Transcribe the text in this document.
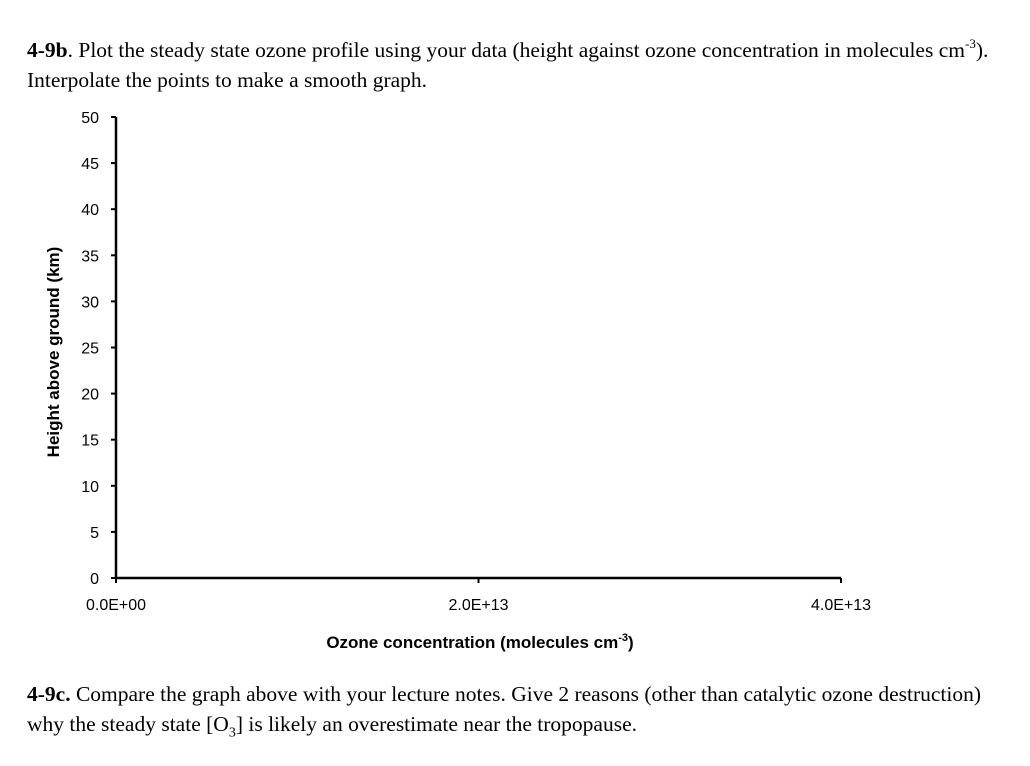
4-9b. Plot the steady state ozone profile using your data (height against ozone concentration in molecules $cm^{-3}$). Interpolate the points to make a smooth graph.

0
5
10
15
20
25
30
35
40
45
50
0.0E+00	2.0E+13	4.0E+13
Height above ground (km)
Ozone concentration (molecules $cm^{-3}$)

4-9c. Compare the graph above with your lecture notes. Give 2 reasons (other than catalytic ozone destruction) why the steady state $[O_3]$ is likely an overestimate near the tropopause.
